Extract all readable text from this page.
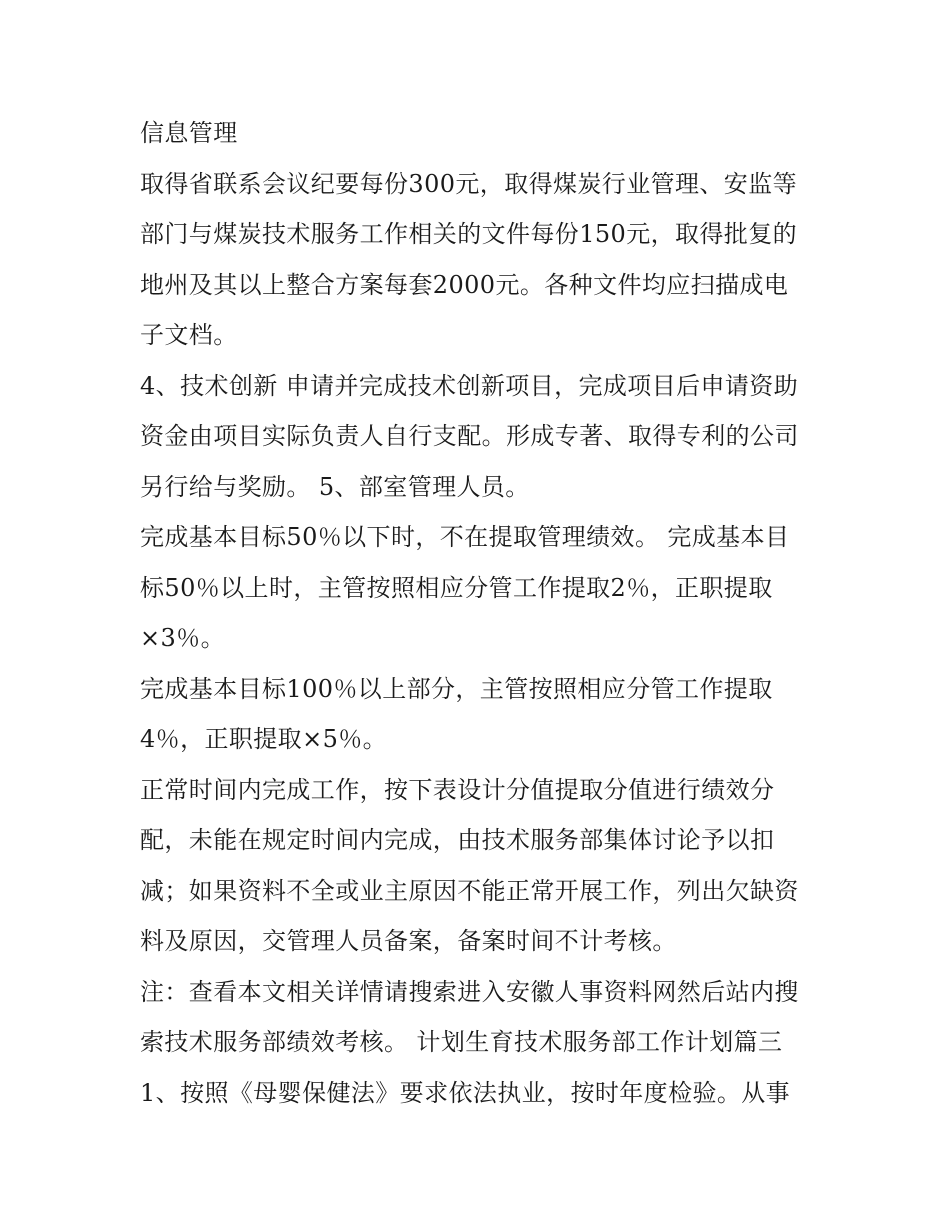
信息管理
取得省联系会议纪要每份300元，取得煤炭行业管理、安监等
部门与煤炭技术服务工作相关的文件每份150元，取得批复的
地州及其以上整合方案每套2000元。各种文件均应扫描成电
子文档。
4、技术创新 申请并完成技术创新项目，完成项目后申请资助
资金由项目实际负责人自行支配。形成专著、取得专利的公司
另行给与奖励。 5、部室管理人员。
完成基本目标50％以下时，不在提取管理绩效。 完成基本目
标50％以上时，主管按照相应分管工作提取2％，正职提取
×3％。
完成基本目标100％以上部分，主管按照相应分管工作提取
4％，正职提取×5％。
正常时间内完成工作，按下表设计分值提取分值进行绩效分
配，未能在规定时间内完成，由技术服务部集体讨论予以扣
减；如果资料不全或业主原因不能正常开展工作，列出欠缺资
料及原因，交管理人员备案，备案时间不计考核。
注：查看本文相关详情请搜索进入安徽人事资料网然后站内搜
索技术服务部绩效考核。 计划生育技术服务部工作计划篇三
1、按照《母婴保健法》要求依法执业，按时年度检验。从事
